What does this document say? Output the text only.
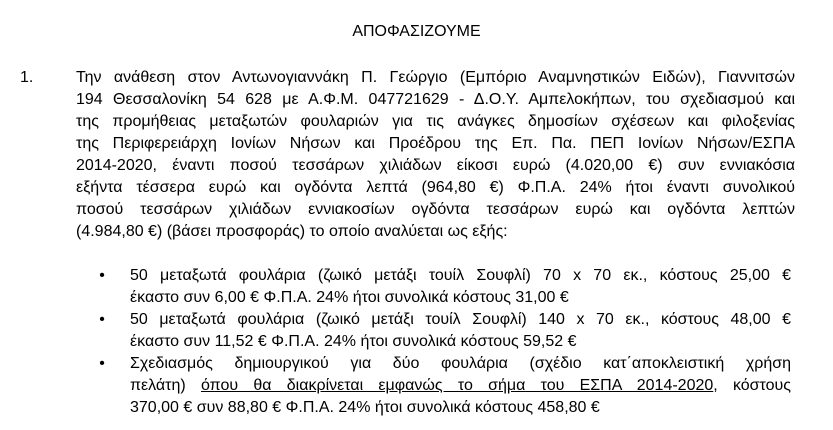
ΑΠΟΦΑΣΙΖΟΥΜΕ
1.	Την ανάθεση στον Αντωνογιαννάκη Π. Γεώργιο (Εμπόριο Αναμνηστικών Ειδών), Γιαννιτσών
194 Θεσσαλονίκη 54 628 με Α.Φ.Μ. 047721629 - Δ.Ο.Υ. Αμπελοκήπων, του σχεδιασμού και
της προμήθειας μεταξωτών φουλαριών για τις ανάγκες δημοσίων σχέσεων και φιλοξενίας
της Περιφερειάρχη Ιονίων Νήσων και Προέδρου της Επ. Πα. ΠΕΠ Ιονίων Νήσων/ΕΣΠΑ
2014-2020, έναντι ποσού τεσσάρων χιλιάδων είκοσι ευρώ (4.020,00 €) συν εννιακόσια
εξήντα τέσσερα ευρώ και ογδόντα λεπτά (964,80 €) Φ.Π.Α. 24% ήτοι έναντι συνολικού
ποσού τεσσάρων χιλιάδων εννιακοσίων ογδόντα τεσσάρων ευρώ και ογδόντα λεπτών
(4.984,80 €) (βάσει προσφοράς) το οποίο αναλύεται ως εξής:
• 50 μεταξωτά φουλάρια (ζωικό μετάξι τουίλ Σουφλί) 70 x 70 εκ., κόστους 25,00 €
έκαστο συν 6,00 € Φ.Π.Α. 24% ήτοι συνολικά κόστους 31,00 €
• 50 μεταξωτά φουλάρια (ζωικό μετάξι τουίλ Σουφλί) 140 x 70 εκ., κόστους 48,00 €
έκαστο συν 11,52 € Φ.Π.Α. 24% ήτοι συνολικά κόστους 59,52 €
• Σχεδιασμός δημιουργικού για δύο φουλάρια (σχέδιο κατ΄αποκλειστική χρήση
πελάτη) όπου θα διακρίνεται εμφανώς το σήμα του ΕΣΠΑ 2014-2020, κόστους
370,00 € συν 88,80 € Φ.Π.Α. 24% ήτοι συνολικά κόστους 458,80 €
